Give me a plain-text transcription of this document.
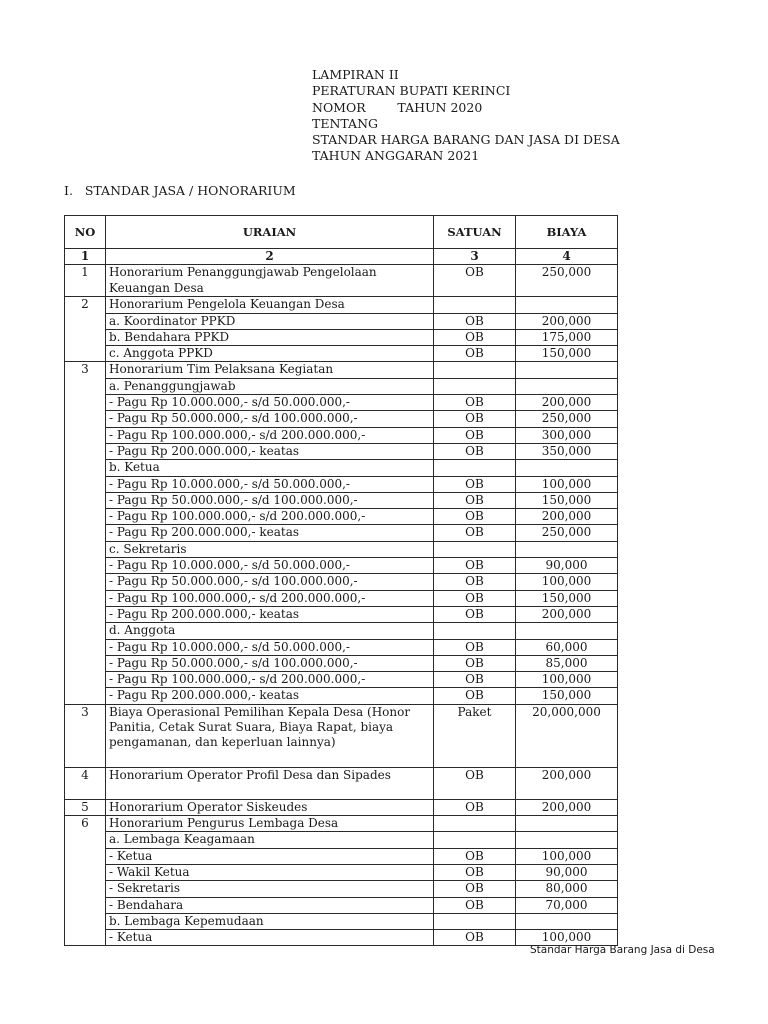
LAMPIRAN II
PERATURAN BUPATI KERINCI
NOMOR        TAHUN 2020
TENTANG
STANDAR HARGA BARANG DAN JASA DI DESA
TAHUN ANGGARAN 2021
I.   STANDAR JASA / HONORARIUM
NO	URAIAN	SATUAN	BIAYA
1	2	3	4
1	Honorarium Penanggungjawab Pengelolaan Keuangan Desa	OB	250,000
2	Honorarium Pengelola Keuangan Desa		
	a. Koordinator PPKD	OB	200,000
	b. Bendahara PPKD	OB	175,000
	c. Anggota PPKD	OB	150,000
3	Honorarium Tim Pelaksana Kegiatan		
	a. Penanggungjawab		
	- Pagu Rp 10.000.000,- s/d 50.000.000,-	OB	200,000
	- Pagu Rp 50.000.000,- s/d 100.000.000,-	OB	250,000
	- Pagu Rp 100.000.000,- s/d 200.000.000,-	OB	300,000
	- Pagu Rp 200.000.000,- keatas	OB	350,000
	b. Ketua		
	- Pagu Rp 10.000.000,- s/d 50.000.000,-	OB	100,000
	- Pagu Rp 50.000.000,- s/d 100.000.000,-	OB	150,000
	- Pagu Rp 100.000.000,- s/d 200.000.000,-	OB	200,000
	- Pagu Rp 200.000.000,- keatas	OB	250,000
	c. Sekretaris		
	- Pagu Rp 10.000.000,- s/d 50.000.000,-	OB	90,000
	- Pagu Rp 50.000.000,- s/d 100.000.000,-	OB	100,000
	- Pagu Rp 100.000.000,- s/d 200.000.000,-	OB	150,000
	- Pagu Rp 200.000.000,- keatas	OB	200,000
	d. Anggota		
	- Pagu Rp 10.000.000,- s/d 50.000.000,-	OB	60,000
	- Pagu Rp 50.000.000,- s/d 100.000.000,-	OB	85,000
	- Pagu Rp 100.000.000,- s/d 200.000.000,-	OB	100,000
	- Pagu Rp 200.000.000,- keatas	OB	150,000
3	Biaya Operasional Pemilihan Kepala Desa (Honor Panitia, Cetak Surat Suara, Biaya Rapat, biaya pengamanan, dan keperluan lainnya)	Paket	20,000,000
4	Honorarium Operator Profil Desa dan Sipades	OB	200,000
5	Honorarium Operator Siskeudes	OB	200,000
6	Honorarium Pengurus Lembaga Desa		
	a. Lembaga Keagamaan		
	- Ketua	OB	100,000
	- Wakil Ketua	OB	90,000
	- Sekretaris	OB	80,000
	- Bendahara	OB	70,000
	b. Lembaga Kepemudaan		
	- Ketua	OB	100,000
Standar Harga Barang Jasa di Desa
